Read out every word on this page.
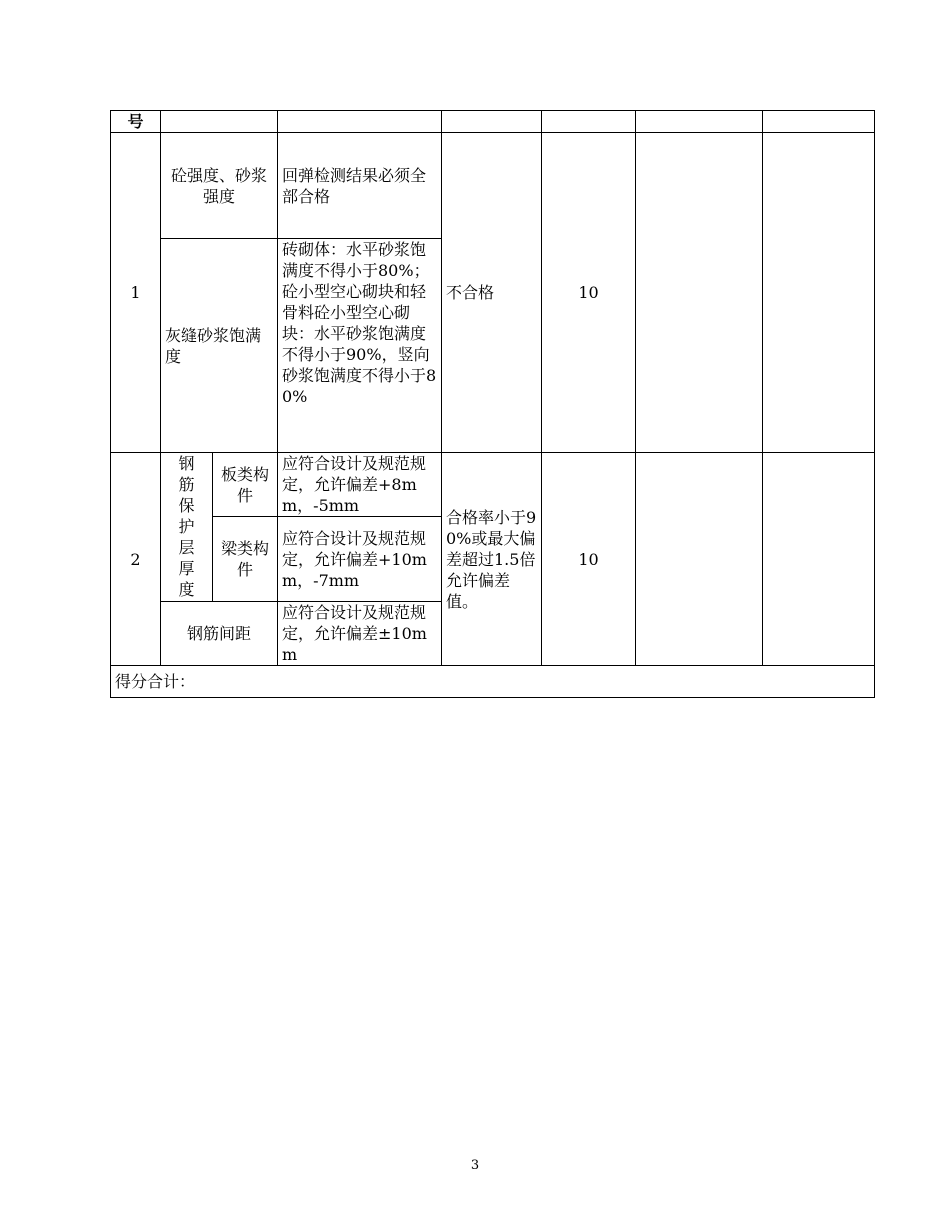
号							
1	砼强度、砂浆强度		回弹检测结果必须全部合格	不合格	10		
	灰缝砂浆饱满度		砖砌体：水平砂浆饱满度不得小于80%；砼小型空心砌块和轻骨料砼小型空心砌块：水平砂浆饱满度不得小于90%，竖向砂浆饱满度不得小于80%				
2	钢筋保护层厚度	板类构件	应符合设计及规范规定，允许偏差+8mm，-5mm	合格率小于90%或最大偏差超过1.5倍允许偏差值。	10		
		梁类构件	应符合设计及规范规定，允许偏差+10mm，-7mm				
	钢筋间距		应符合设计及规范规定，允许偏差±10mm				
得分合计：							
3
